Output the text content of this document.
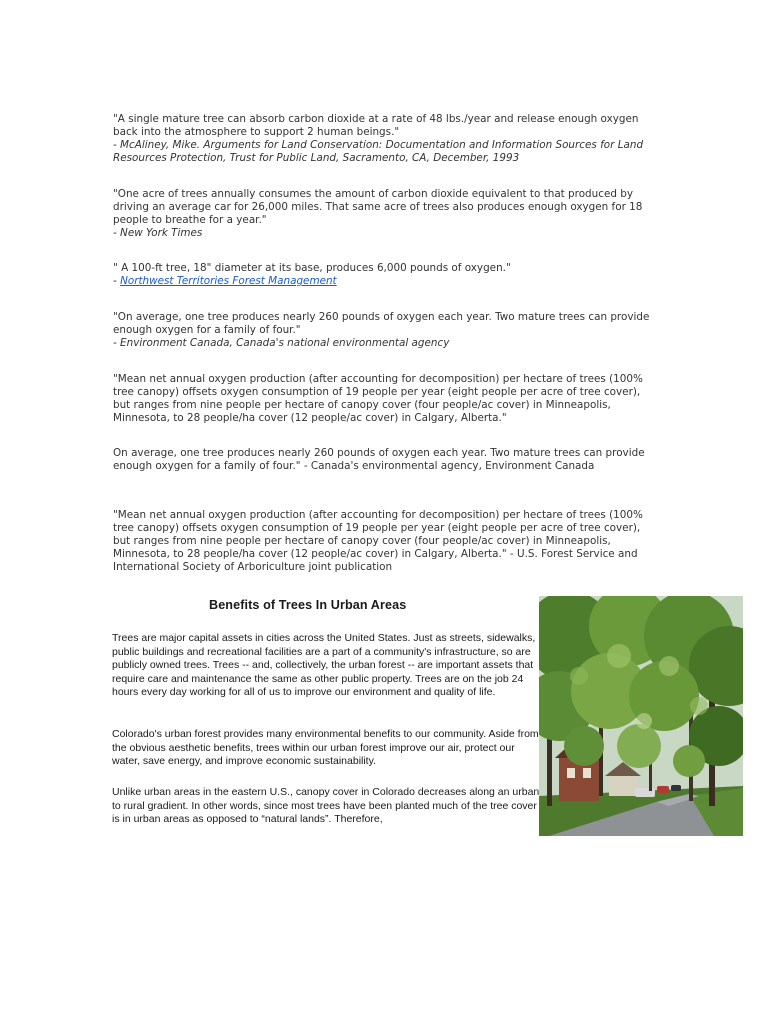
"A single mature tree can absorb carbon dioxide at a rate of 48 lbs./year and release enough oxygen back into the atmosphere to support 2 human beings."

- McAliney, Mike. Arguments for Land Conservation: Documentation and Information Sources for Land Resources Protection, Trust for Public Land, Sacramento, CA, December, 1993

"One acre of trees annually consumes the amount of carbon dioxide equivalent to that produced by driving an average car for 26,000 miles. That same acre of trees also produces enough oxygen for 18 people to breathe for a year."

- New York Times

" A 100-ft tree, 18" diameter at its base, produces 6,000 pounds of oxygen."

- Northwest Territories Forest Management

"On average, one tree produces nearly 260 pounds of oxygen each year. Two mature trees can provide enough oxygen for a family of four."

- Environment Canada, Canada's national environmental agency

"Mean net annual oxygen production (after accounting for decomposition) per hectare of trees (100% tree canopy) offsets oxygen consumption of 19 people per year (eight people per acre of tree cover), but ranges from nine people per hectare of canopy cover (four people/ac cover) in Minneapolis, Minnesota, to 28 people/ha cover (12 people/ac cover) in Calgary, Alberta."

On average, one tree produces nearly 260 pounds of oxygen each year. Two mature trees can provide enough oxygen for a family of four." - Canada's environmental agency, Environment Canada

"Mean net annual oxygen production (after accounting for decomposition) per hectare of trees (100% tree canopy) offsets oxygen consumption of 19 people per year (eight people per acre of tree cover), but ranges from nine people per hectare of canopy cover (four people/ac cover) in Minneapolis, Minnesota, to 28 people/ha cover (12 people/ac cover) in Calgary, Alberta." - U.S. Forest Service and International Society of Arboriculture joint publication

Benefits of Trees In Urban Areas

Trees are major capital assets in cities across the United States. Just as streets, sidewalks, public buildings and recreational facilities are a part of a community's infrastructure, so are publicly owned trees. Trees -- and, collectively, the urban forest -- are important assets that require care and maintenance the same as other public property. Trees are on the job 24 hours every day working for all of us to improve our environment and quality of life.

Colorado's urban forest provides many environmental benefits to our community. Aside from the obvious aesthetic benefits, trees within our urban forest improve our air, protect our water, save energy, and improve economic sustainability.

Unlike urban areas in the eastern U.S., canopy cover in Colorado decreases along an urban to rural gradient. In other words, since most trees have been planted much of the tree cover is in urban areas as opposed to “natural lands”. Therefore,
